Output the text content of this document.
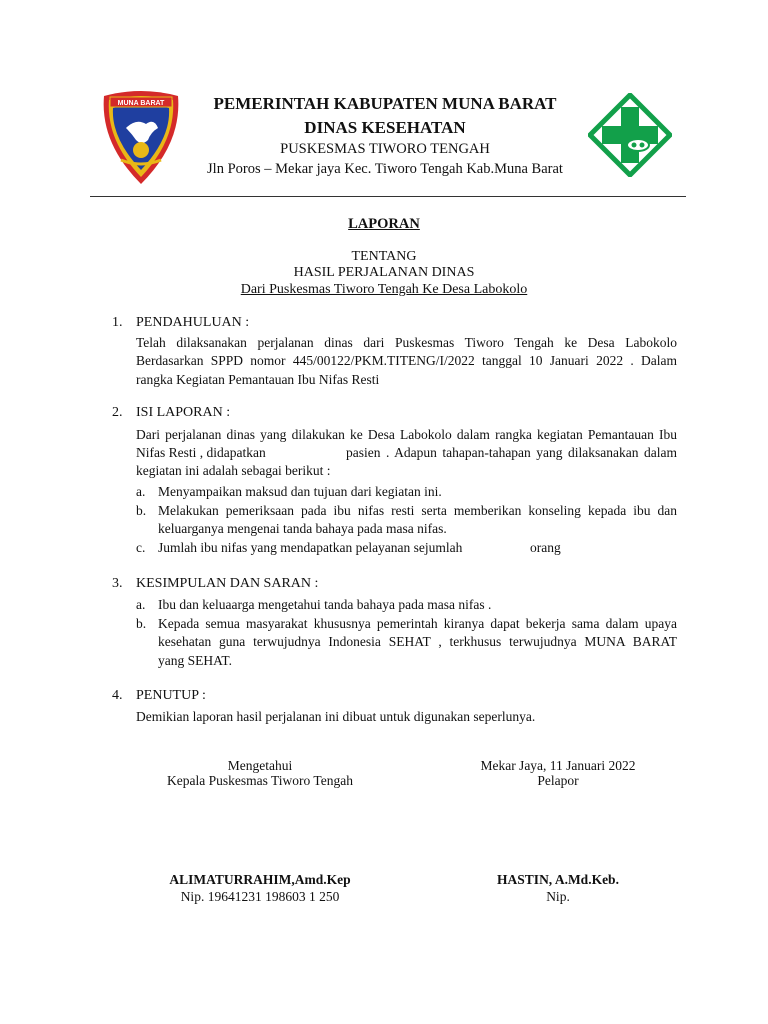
MUNA BARAT	PEMERINTAH KABUPATEN MUNA BARAT
DINAS KESEHATAN
PUSKESMAS TIWORO TENGAH
Jln Poros – Mekar jaya Kec. Tiworo Tengah Kab.Muna Barat
LAPORAN
TENTANG
HASIL PERJALANAN DINAS
Dari Puskesmas Tiworo Tengah Ke Desa Labokolo
1. PENDAHULUAN :
Telah dilaksanakan perjalanan dinas dari Puskesmas Tiworo Tengah ke Desa Labokolo
Berdasarkan SPPD nomor 445/00122/PKM.TITENG/I/2022 tanggal 10 Januari 2022 . Dalam
rangka Kegiatan Pemantauan Ibu Nifas Resti
2. ISI LAPORAN :
Dari perjalanan dinas yang dilakukan ke Desa Labokolo dalam rangka kegiatan Pemantauan Ibu
Nifas Resti , didapatkan	pasien . Adapun tahapan-tahapan yang dilaksanakan dalam
kegiatan ini adalah sebagai berikut :
a. Menyampaikan maksud dan tujuan dari kegiatan ini.
b. Melakukan pemeriksaan pada ibu nifas resti serta memberikan konseling kepada ibu dan
keluarganya mengenai tanda bahaya pada masa nifas.
c. Jumlah ibu nifas yang mendapatkan pelayanan sejumlah	orang
3. KESIMPULAN DAN SARAN :
a. Ibu dan keluaarga mengetahui tanda bahaya pada masa nifas .
b. Kepada semua masyarakat khususnya pemerintah kiranya dapat bekerja sama dalam upaya
kesehatan guna terwujudnya Indonesia SEHAT , terkhusus terwujudnya MUNA BARAT
yang SEHAT.
4. PENUTUP :
Demikian laporan hasil perjalanan ini dibuat untuk digunakan seperlunya.
Mengetahui
Kepala Puskesmas Tiworo Tengah
ALIMATURRAHIM,Amd.Kep
Nip. 19641231 198603 1 250
Mekar Jaya, 11 Januari 2022
Pelapor
HASTIN, A.Md.Keb.
Nip.
